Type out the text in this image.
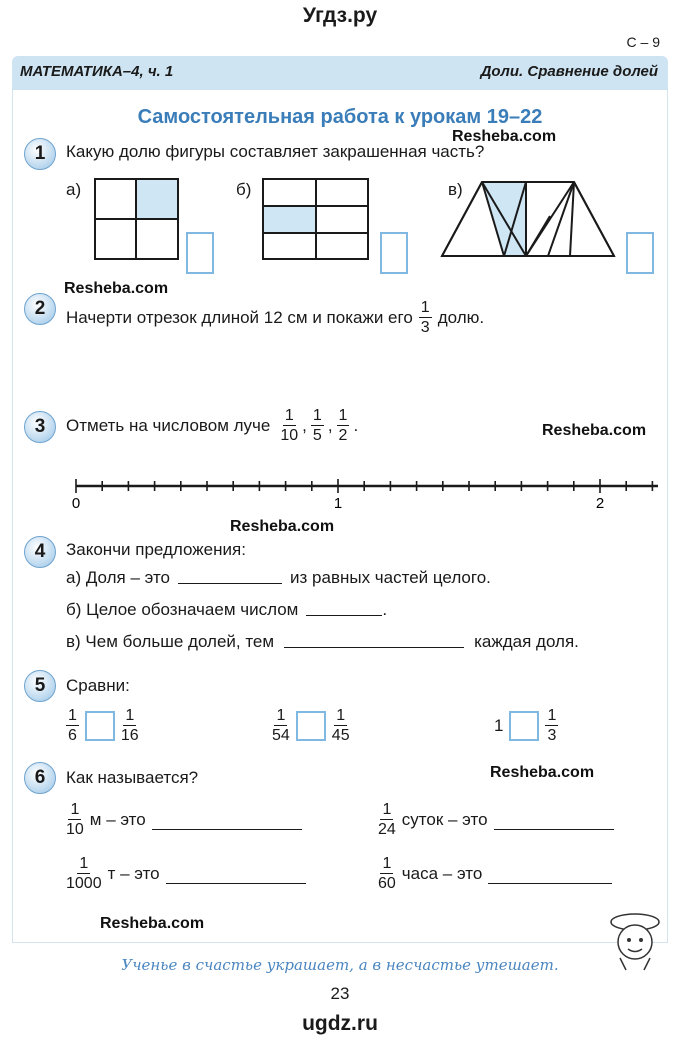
Угдз.ру
С – 9
МАТЕМАТИКА–4, ч. 1	Доли. Сравнение долей
Самостоятельная работа к урокам 19–22
Resheba.com
Resheba.com
Resheba.com
Resheba.com
Resheba.com
Resheba.com
1	Какую долю фигуры составляет закрашенная часть?
а)	б)	в)
2	Начерти отрезок длиной 12 см и покажи его $\frac{1}{3}$ долю.
3	Отметь на числовом луче $\frac{1}{10}$ , $\frac{1}{5}$ , $\frac{1}{2}$ .
0	1	2
4	Закончи предложения:
а) Доля – это	из равных частей целого.
б) Целое обозначаем числом	.
в) Чем больше долей, тем	каждая доля.
5	Сравни:
$\frac{1}{6}$	$\frac{1}{16}$	$\frac{1}{54}$	$\frac{1}{45}$	1	$\frac{1}{3}$
6	Как называется?
$\frac{1}{10}$ м – это	$\frac{1}{24}$ суток – это
$\frac{1}{1000}$ т – это	$\frac{1}{60}$ часа – это
Ученье в счастье украшает, а в несчастье утешает.
23
ugdz.ru
